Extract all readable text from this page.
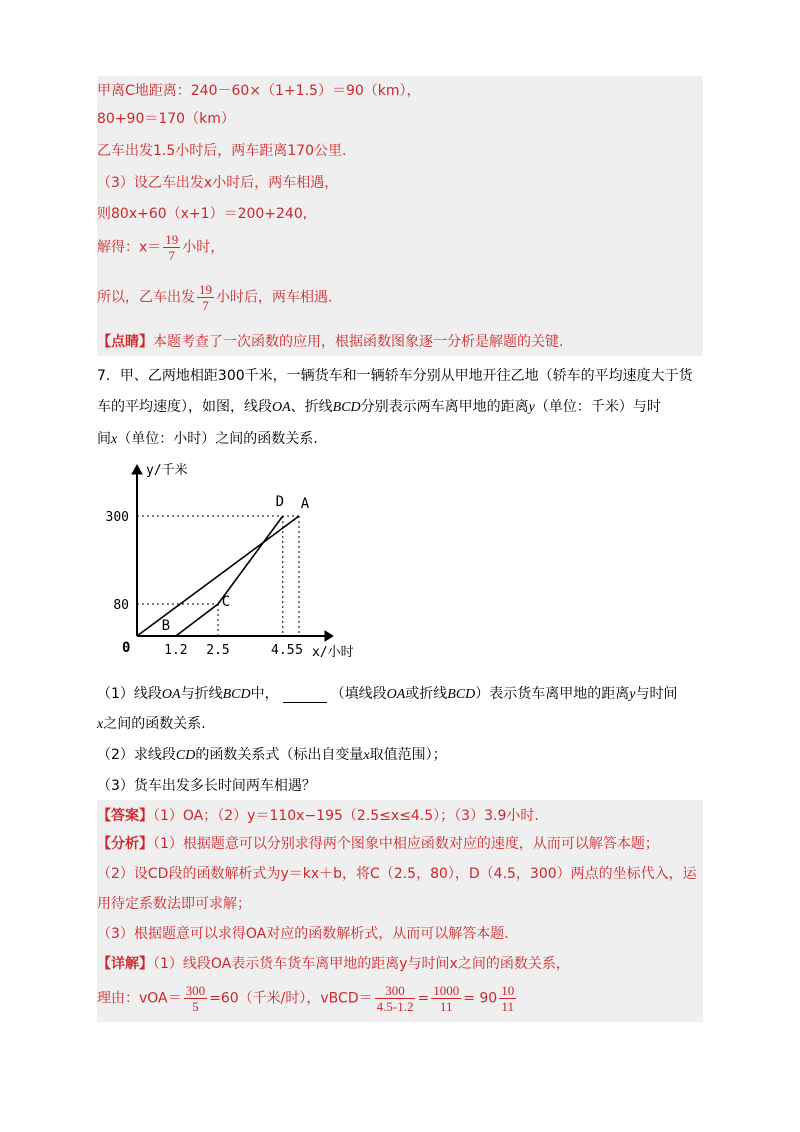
甲离C地距离：240－60×（1+1.5）＝90（km），
80+90＝170（km）
乙车出发1.5小时后，两车距离170公里.
（3）设乙车出发x小时后，两车相遇，
则80x+60（x+1）＝200+240,
解得：$x= \frac{19}{7}$ 小时，
所以，乙车出发 $\frac{19}{7}$ 小时后，两车相遇.
【点睛】本题考查了一次函数的应用，根据函数图象逐一分析是解题的关键.
7．甲、乙两地相距300千米，一辆货车和一辆轿车分别从甲地开往乙地（轿车的平均速度大于货
车的平均速度），如图，线段OA、折线BCD分别表示两车离甲地的距离y（单位：千米）与时
间x（单位：小时）之间的函数关系.
1.2 2.5	4.5 5
80
300
A
B
C
D
y/千米
x/小时
0
（1）线段OA与折线BCD中，	（填线段OA或折线BCD）表示货车离甲地的距离y与时间
x之间的函数关系.
（2）求线段CD的函数关系式（标出自变量x取值范围）；
（3）货车出发多长时间两车相遇？
【答案】（1）OA；（2）y＝110x−195（2.5≤x≤4.5）；（3）3.9小时.
【分析】（1）根据题意可以分别求得两个图象中相应函数对应的速度，从而可以解答本题；
（2）设CD段的函数解析式为y＝kx＋b，将C（2.5，80），D（4.5，300）两点的坐标代入，运
用待定系数法即可求解；
（3）根据题意可以求得OA对应的函数解析式，从而可以解答本题.
【详解】（1）线段OA表示货车货车离甲地的距离y与时间x之间的函数关系，
理由：$vOA= \frac{300}{5} =60$（千米/时），vBCD＝ $\frac{300}{4.5-1.2} = \frac{1000}{11} = 90 \frac{10}{11}$
